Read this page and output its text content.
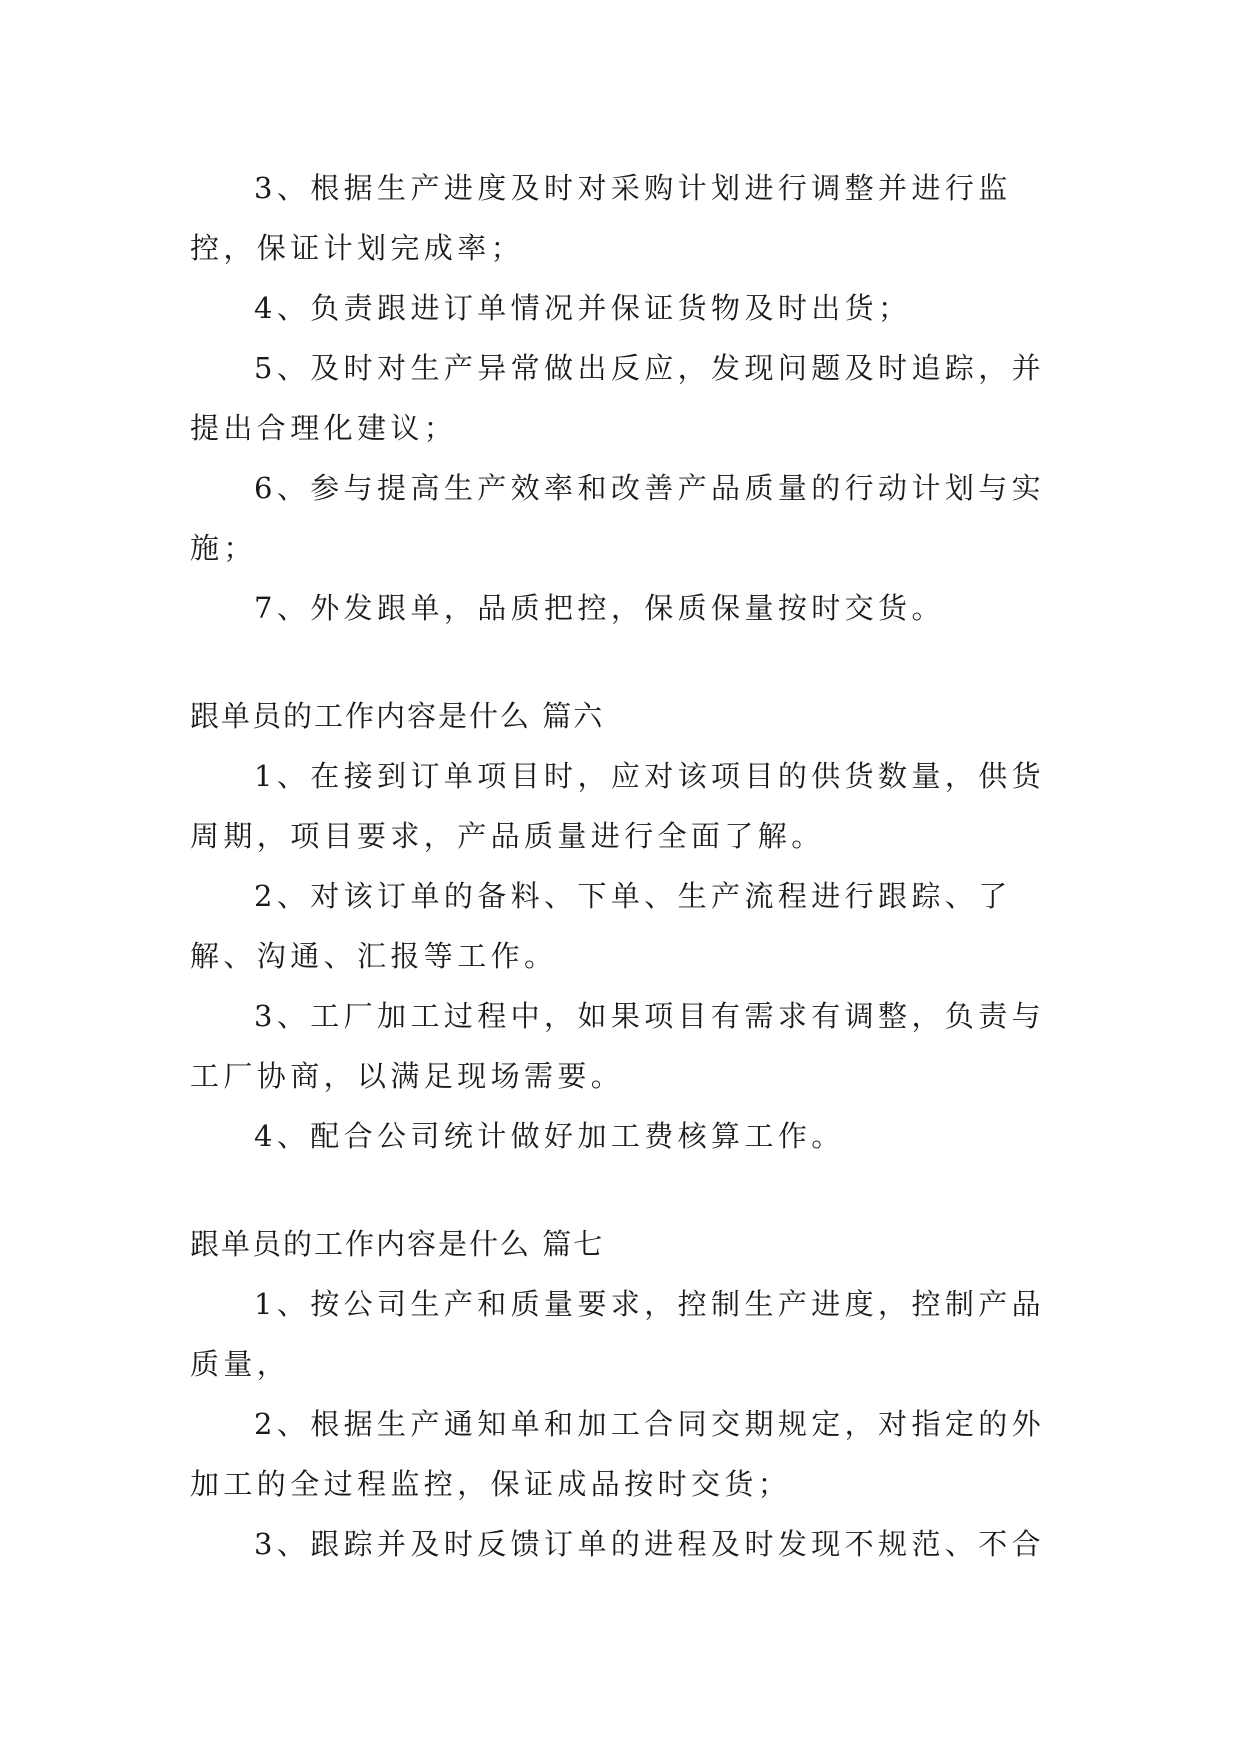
3、根据生产进度及时对采购计划进行调整并进行监控，保证计划完成率；

4、负责跟进订单情况并保证货物及时出货；

5、及时对生产异常做出反应，发现问题及时追踪，并提出合理化建议；

6、参与提高生产效率和改善产品质量的行动计划与实施；

7、外发跟单，品质把控，保质保量按时交货。

跟单员的工作内容是什么 篇六

1、在接到订单项目时，应对该项目的供货数量，供货周期，项目要求，产品质量进行全面了解。

2、对该订单的备料、下单、生产流程进行跟踪、了解、沟通、汇报等工作。

3、工厂加工过程中，如果项目有需求有调整，负责与工厂协商，以满足现场需要。

4、配合公司统计做好加工费核算工作。

跟单员的工作内容是什么 篇七

1、按公司生产和质量要求，控制生产进度，控制产品质量，

2、根据生产通知单和加工合同交期规定，对指定的外加工的全过程监控，保证成品按时交货；

3、跟踪并及时反馈订单的进程及时发现不规范、不合
